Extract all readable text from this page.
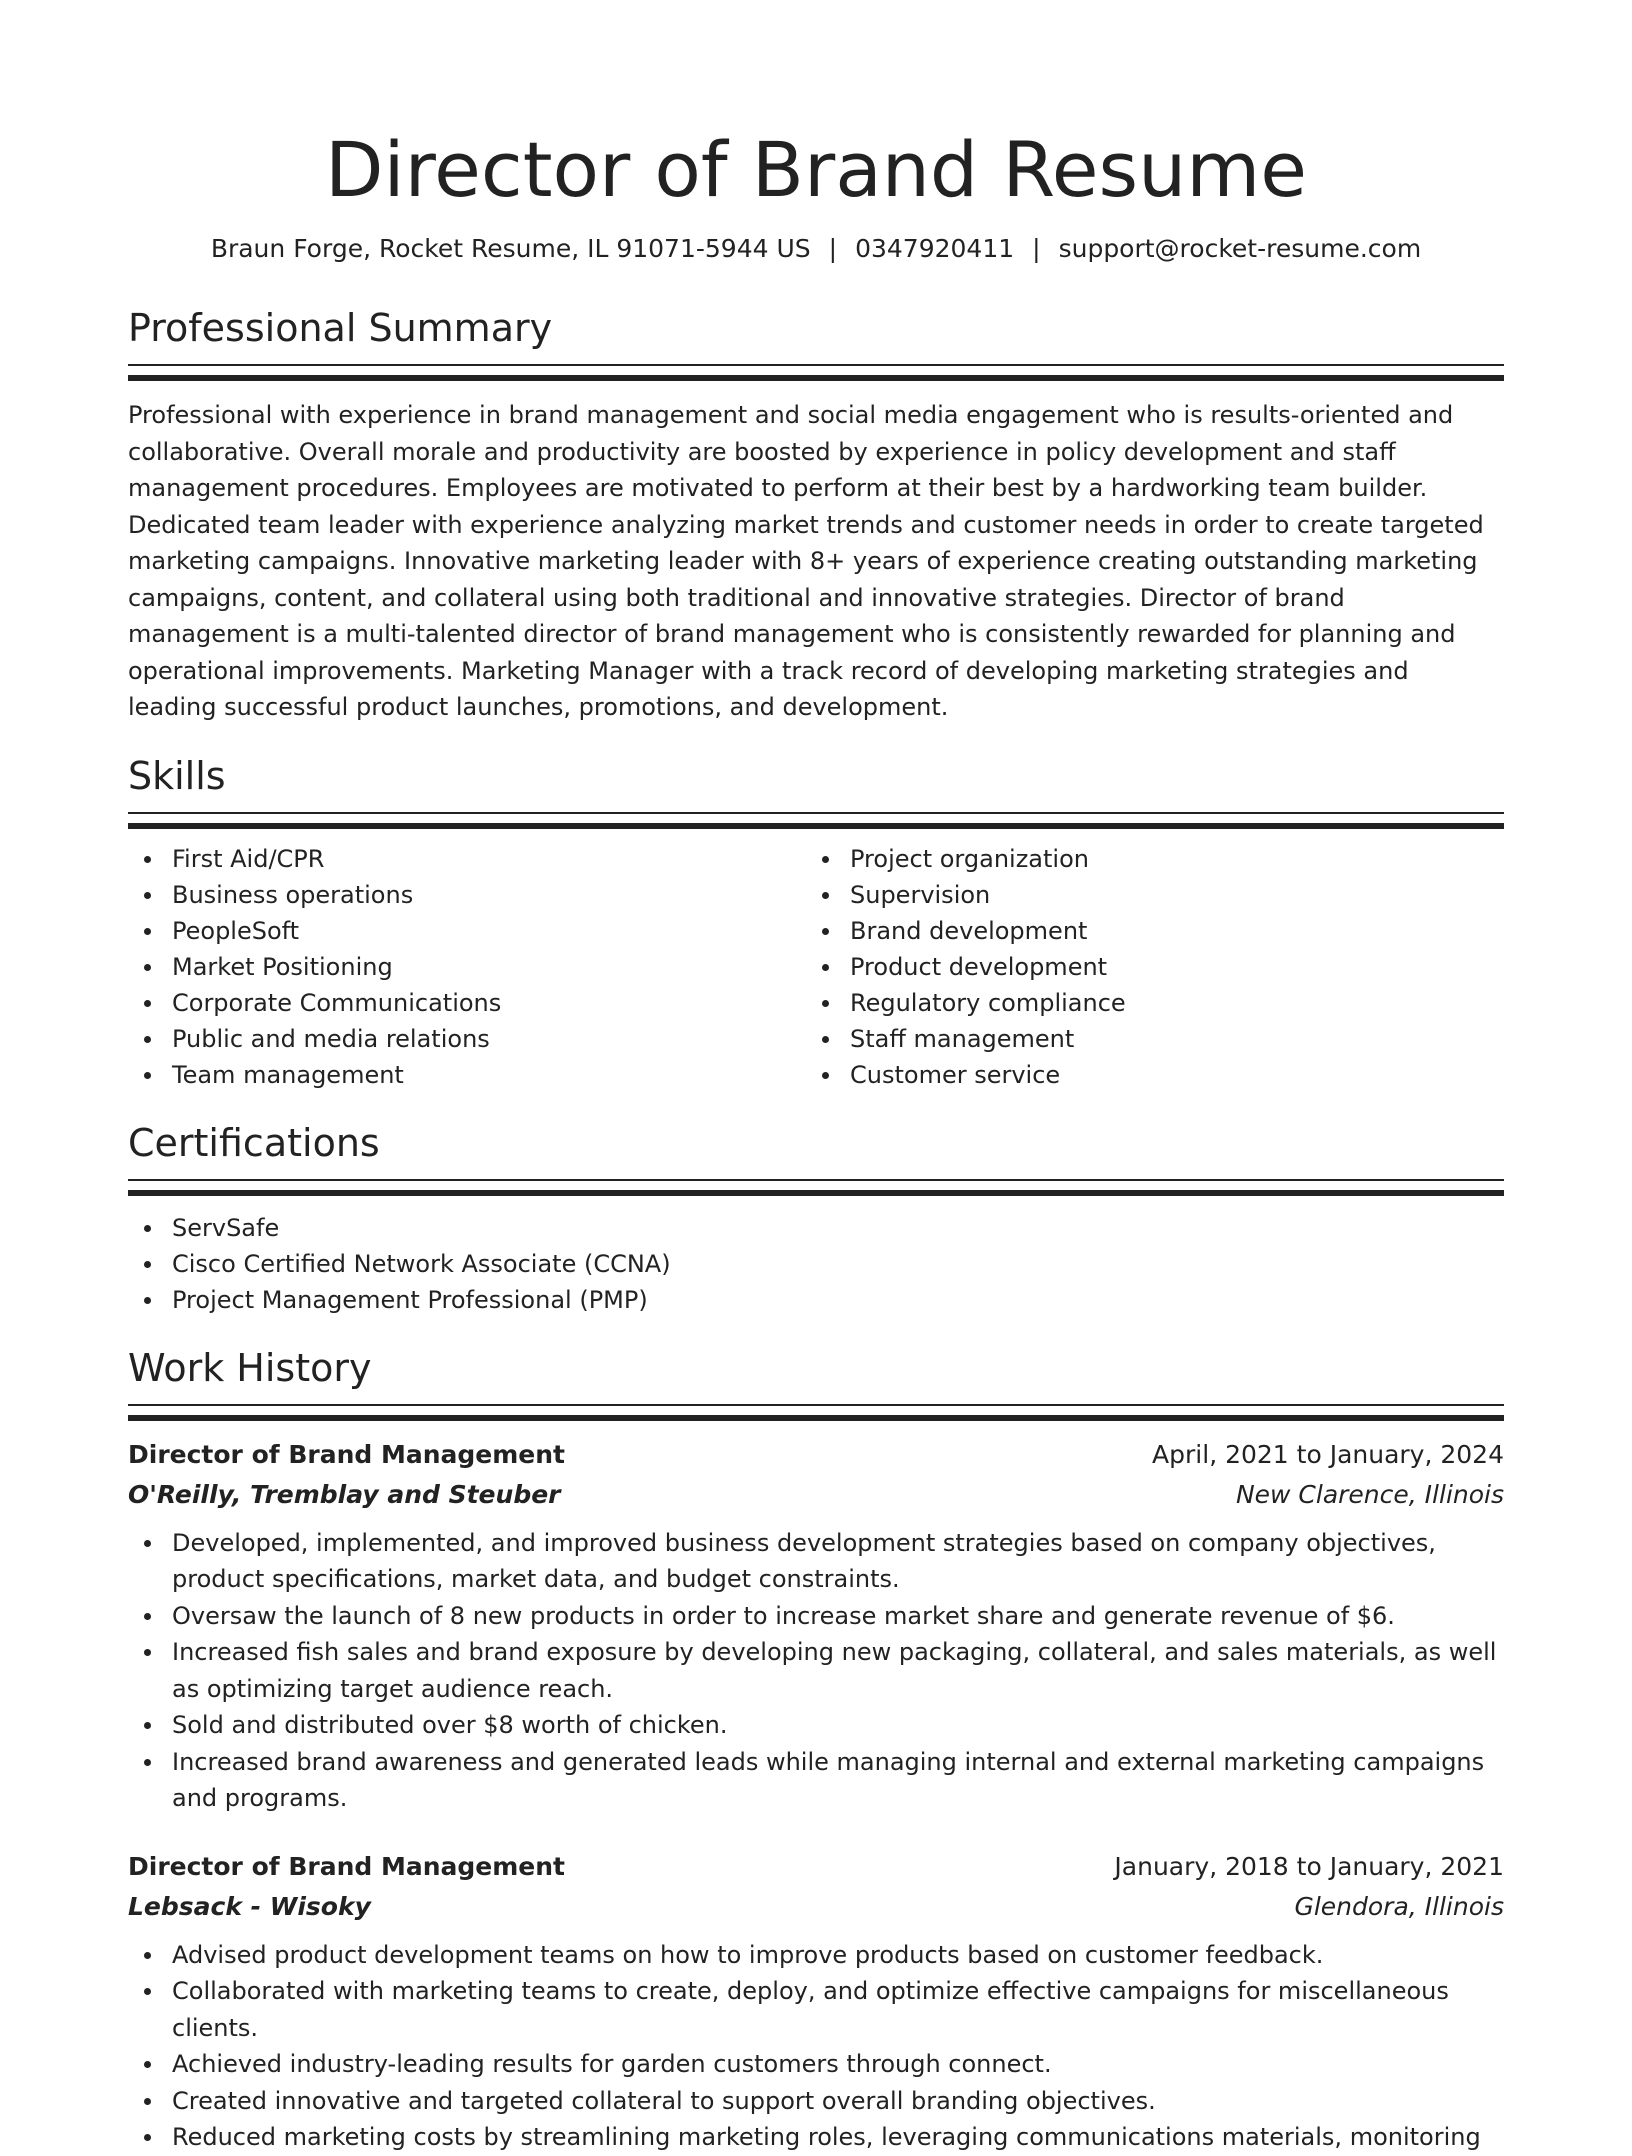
Director of Brand Resume
Braun Forge, Rocket Resume, IL 91071-5944 US | 0347920411 | support@rocket-resume.com
Professional Summary

Professional with experience in brand management and social media engagement who is results-oriented and collaborative. Overall morale and productivity are boosted by experience in policy development and staff management procedures. Employees are motivated to perform at their best by a hardworking team builder. Dedicated team leader with experience analyzing market trends and customer needs in order to create targeted marketing campaigns. Innovative marketing leader with 8+ years of experience creating outstanding marketing campaigns, content, and collateral using both traditional and innovative strategies. Director of brand management is a multi-talented director of brand management who is consistently rewarded for planning and operational improvements. Marketing Manager with a track record of developing marketing strategies and leading successful product launches, promotions, and development.

Skills
First Aid/CPR
Business operations
PeopleSoft
Market Positioning
Corporate Communications
Public and media relations
Team management
Project organization
Supervision
Brand development
Product development
Regulatory compliance
Staff management
Customer service
Certifications
ServSafe
Cisco Certified Network Associate (CCNA)
Project Management Professional (PMP)
Work History
Director of Brand Management	April, 2021 to January, 2024
O'Reilly, Tremblay and Steuber	New Clarence, Illinois
Developed, implemented, and improved business development strategies based on company objectives, product specifications, market data, and budget constraints.
Oversaw the launch of 8 new products in order to increase market share and generate revenue of $6.
Increased fish sales and brand exposure by developing new packaging, collateral, and sales materials, as well as optimizing target audience reach.
Sold and distributed over $8 worth of chicken.
Increased brand awareness and generated leads while managing internal and external marketing campaigns and programs.
Director of Brand Management	January, 2018 to January, 2021
Lebsack - Wisoky	Glendora, Illinois
Advised product development teams on how to improve products based on customer feedback.
Collaborated with marketing teams to create, deploy, and optimize effective campaigns for miscellaneous clients.
Achieved industry-leading results for garden customers through connect.
Created innovative and targeted collateral to support overall branding objectives.
Reduced marketing costs by streamlining marketing roles, leveraging communications materials, monitoring
